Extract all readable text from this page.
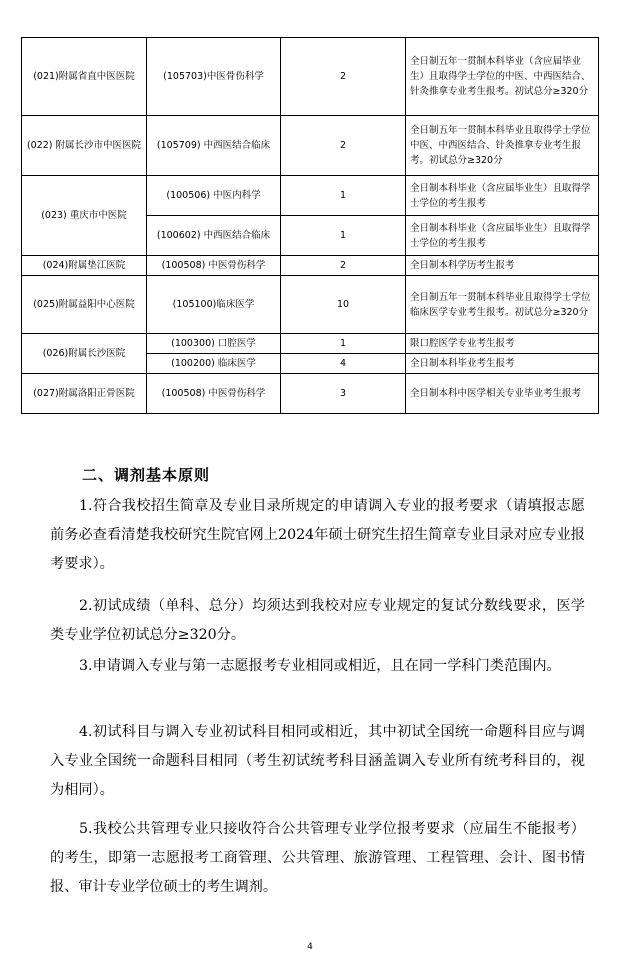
(021)附属省直中医医院	(105703)中医骨伤科学	2	全日制五年一贯制本科毕业（含应届毕业生）且取得学士学位的中医、中西医结合、针灸推拿专业考生报考。初试总分≥320分
(022) 附属长沙市中医医院	(105709) 中西医结合临床	2	全日制五年一贯制本科毕业且取得学士学位中医、中西医结合、针灸推拿专业考生报考。初试总分≥320分
(023) 重庆市中医院	(100506) 中医内科学	1	全日制本科毕业（含应届毕业生）且取得学士学位的考生报考
	(100602) 中西医结合临床	1	全日制本科毕业（含应届毕业生）且取得学士学位的考生报考
(024)附属垫江医院	(100508) 中医骨伤科学	2	全日制本科学历考生报考
(025)附属益阳中心医院	(105100)临床医学	10	全日制五年一贯制本科毕业且取得学士学位临床医学专业考生报考。初试总分≥320分
(026)附属长沙医院	(100300) 口腔医学	1	限口腔医学专业考生报考
	(100200) 临床医学	4	全日制本科毕业考生报考
(027)附属洛阳正骨医院	(100508) 中医骨伤科学	3	全日制本科中医学相关专业毕业考生报考
二、调剂基本原则
1.符合我校招生简章及专业目录所规定的申请调入专业的报考要求（请填报志愿前务必查看清楚我校研究生院官网上2024年硕士研究生招生简章专业目录对应专业报考要求）。
2.初试成绩（单科、总分）均须达到我校对应专业规定的复试分数线要求，医学类专业学位初试总分≥320分。
3.申请调入专业与第一志愿报考专业相同或相近，且在同一学科门类范围内。
4.初试科目与调入专业初试科目相同或相近，其中初试全国统一命题科目应与调入专业全国统一命题科目相同（考生初试统考科目涵盖调入专业所有统考科目的，视为相同）。
5.我校公共管理专业只接收符合公共管理专业学位报考要求（应届生不能报考）的考生，即第一志愿报考工商管理、公共管理、旅游管理、工程管理、会计、图书情报、审计专业学位硕士的考生调剂。
4
